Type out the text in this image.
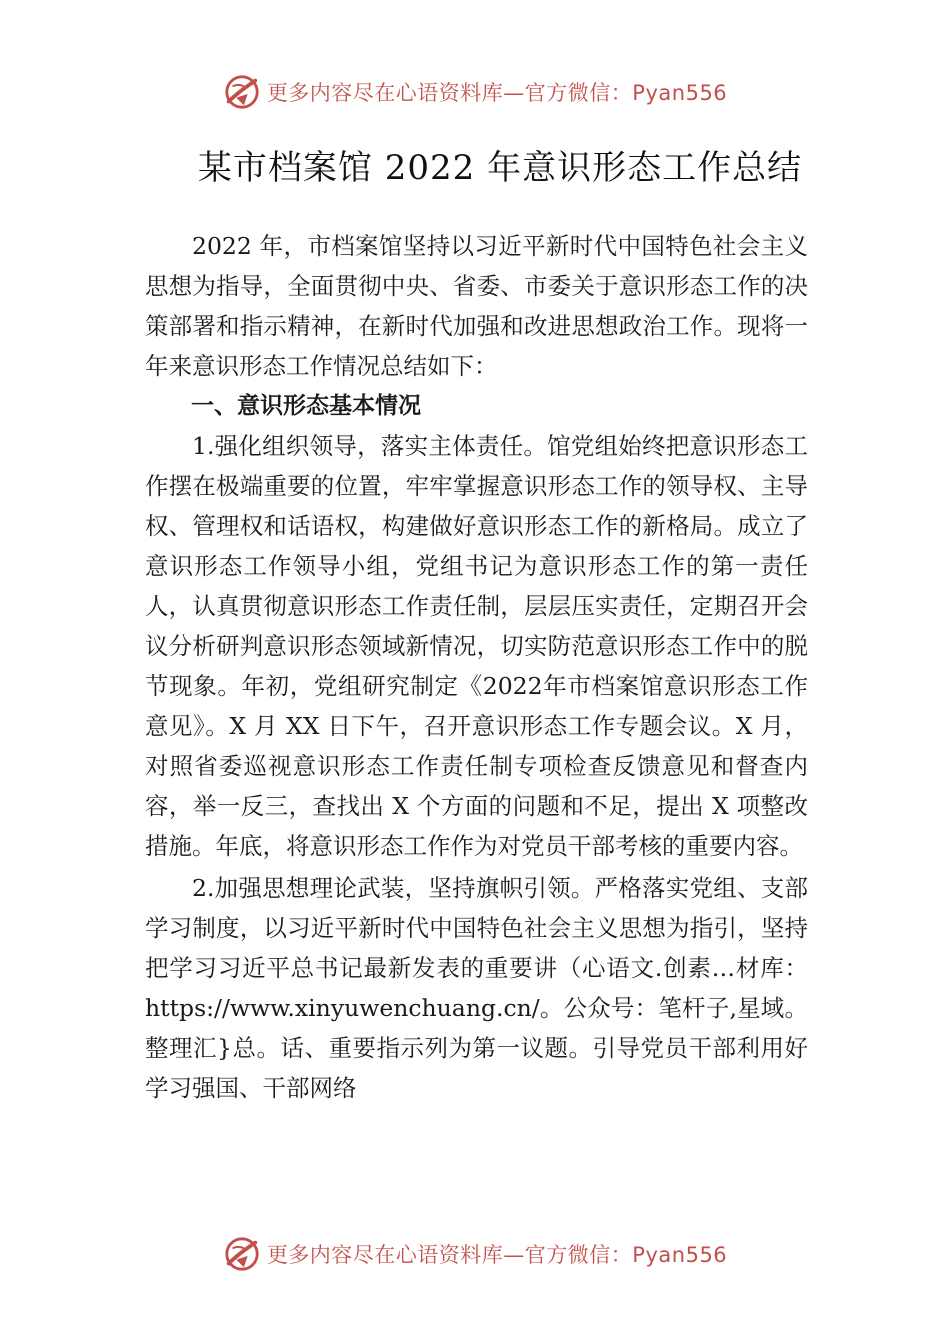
更多内容尽在心语资料库—官方微信：Pyan556
某市档案馆 2022 年意识形态工作总结

2022 年，市档案馆坚持以习近平新时代中国特色社会主义思想为指导，全面贯彻中央、省委、市委关于意识形态工作的决策部署和指示精神，在新时代加强和改进思想政治工作。现将一年来意识形态工作情况总结如下：

一、意识形态基本情况

1.强化组织领导，落实主体责任。馆党组始终把意识形态工作摆在极端重要的位置，牢牢掌握意识形态工作的领导权、主导权、管理权和话语权，构建做好意识形态工作的新格局。成立了意识形态工作领导小组，党组书记为意识形态工作的第一责任人，认真贯彻意识形态工作责任制，层层压实责任，定期召开会议分析研判意识形态领域新情况，切实防范意识形态工作中的脱节现象。年初，党组研究制定《2022年市档案馆意识形态工作意见》。X 月 XX 日下午，召开意识形态工作专题会议。X 月，对照省委巡视意识形态工作责任制专项检查反馈意见和督查内容，举一反三，查找出 X 个方面的问题和不足，提出 X 项整改措施。年底，将意识形态工作作为对党员干部考核的重要内容。

2.加强思想理论武装，坚持旗帜引领。严格落实党组、支部学习制度，以习近平新时代中国特色社会主义思想为指引，坚持把学习习近平总书记最新发表的重要讲（心语文.创素…材库：https://www.xinyuwenchuang.cn/。公众号：笔杆子,星域。整理汇}总。话、重要指示列为第一议题。引导党员干部利用好学习强国、干部网络

更多内容尽在心语资料库—官方微信：Pyan556
